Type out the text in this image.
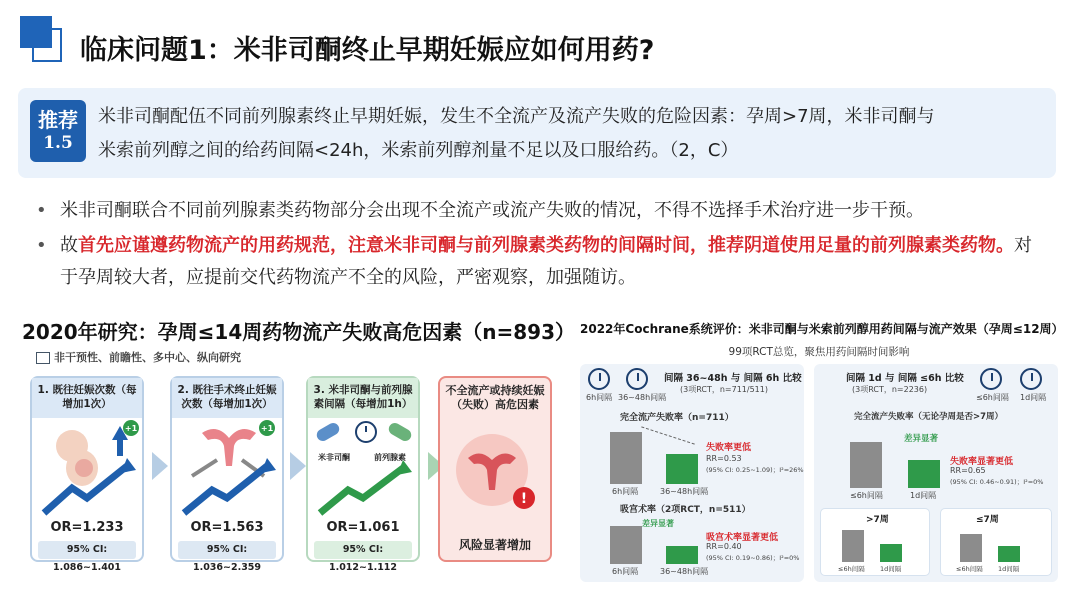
临床问题1：米非司酮终止早期妊娠应如何用药?
推荐
1.5
米非司酮配伍不同前列腺素终止早期妊娠，发生不全流产及流产失败的危险因素：孕周>7周，米非司酮与
米索前列醇之间的给药间隔<24h，米索前列醇剂量不足以及口服给药。（2，C）
• 米非司酮联合不同前列腺素类药物部分会出现不全流产或流产失败的情况，不得不选择手术治疗进一步干预。
• 故首先应谨遵药物流产的用药规范，注意米非司酮与前列腺素类药物的间隔时间，推荐阴道使用足量的前列腺素类药物。对于孕周较大者，应提前交代药物流产不全的风险，严密观察，加强随访。
2020年研究：孕周≤14周药物流产失败高危因素（n=893）
非干预性、前瞻性、多中心、纵向研究
1. 既往妊娠次数（每增加1次）
+1
OR=1.233
95% CI: 1.086~1.401
2. 既往手术终止妊娠次数（每增加1次）
+1
OR=1.563
95% CI: 1.036~2.359
3. 米非司酮与前列腺素间隔（每增加1h）
米非司酮	前列腺素
OR=1.061
95% CI: 1.012~1.112
不全流产或持续妊娠（失败）高危因素
!
风险显著增加
2022年Cochrane系统评价：米非司酮与米索前列醇用药间隔与流产效果（孕周≤12周）
99项RCT总览，聚焦用药间隔时间影响
6h间隔 36~48h间隔
间隔 36~48h 与 间隔 6h 比较
(3项RCT，n=711/511)
完全流产失败率（n=711）
失败率更低
RR=0.53
(95% CI: 0.25~1.09)；I²=26%
6h间隔	36~48h间隔
吸宫术率（2项RCT，n=511）
差异显著
吸宫术率显著更低
RR=0.40
(95% CI: 0.19~0.86)；I²=0%
6h间隔	36~48h间隔
间隔 1d 与 间隔 ≤6h 比较
(3项RCT，n=2236)
≤6h间隔 1d间隔
完全流产失败率（无论孕周是否>7周）
差异显著
失败率显著更低
RR=0.65
(95% CI: 0.46~0.91)；I²=0%
≤6h间隔	1d间隔
>7周
≤6h间隔 1d间隔
≤7周
≤6h间隔 1d间隔
